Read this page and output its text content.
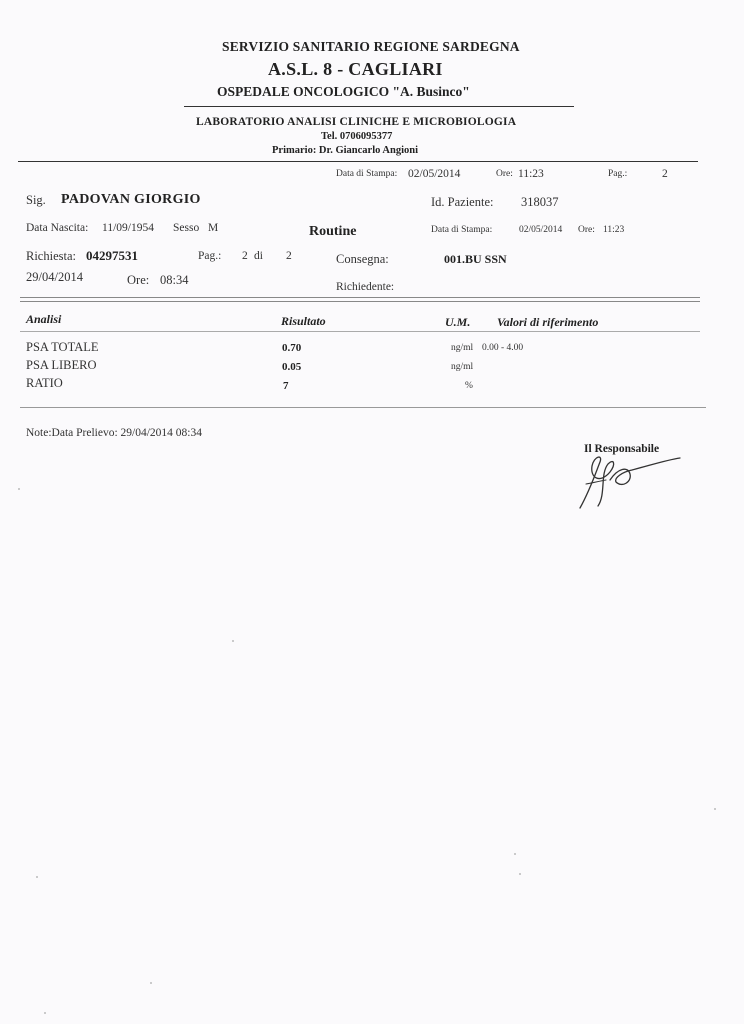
SERVIZIO SANITARIO REGIONE SARDEGNA
A.S.L. 8 - CAGLIARI
OSPEDALE ONCOLOGICO "A. Businco"
LABORATORIO ANALISI CLINICHE E MICROBIOLOGIA
Tel. 0706095377
Primario: Dr. Giancarlo Angioni
Data di Stampa: 02/05/2014	Ore: 11:23	Pag.:	2
Sig. PADOVAN GIORGIO	Id. Paziente: 318037
Data Nascita: 11/09/1954 Sesso M	Routine	Data di Stampa:	02/05/2014 Ore: 11:23
Richiesta: 04297531	Pag.: 2 di 2	Consegna:	001.BU SSN
29/04/2014	Ore: 08:34	Richiedente:
Analisi	Risultato	U.M. Valori di riferimento
PSA TOTALE	0.70	ng/ml 0.00 - 4.00
PSA LIBERO	0.05	ng/ml
RATIO	7	%
Note:Data Prelievo: 29/04/2014 08:34
Il Responsabile
